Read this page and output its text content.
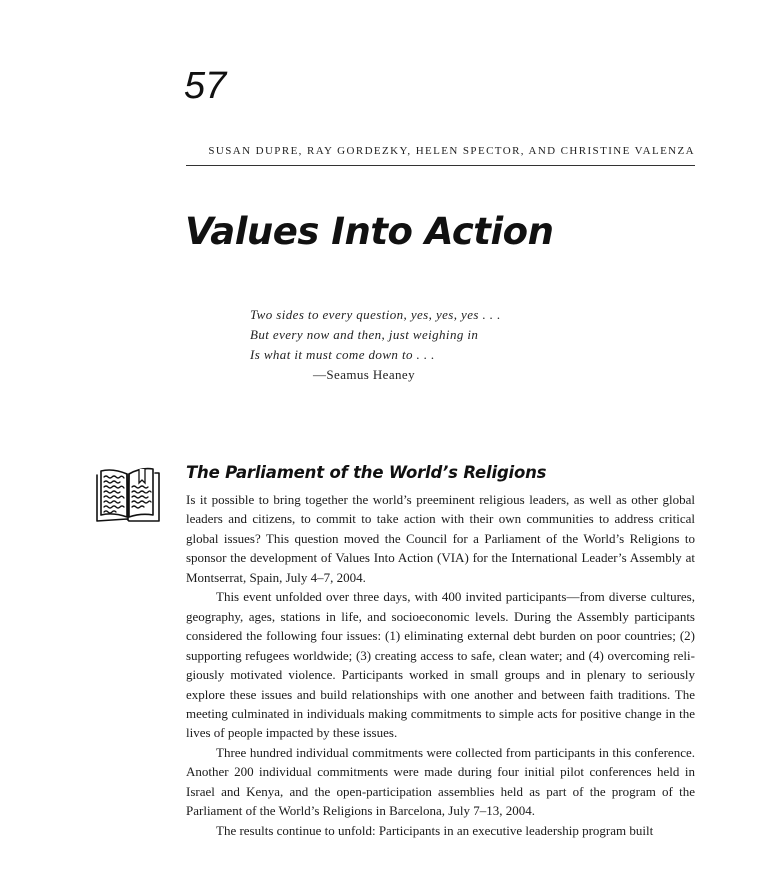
57
SUSAN DUPRE, RAY GORDEZKY, HELEN SPECTOR, AND CHRISTINE VALENZA
Values Into Action
Two sides to every question, yes, yes, yes . . .
But every now and then, just weighing in
Is what it must come down to . . .
—Seamus Heaney
The Parliament of the World’s Religions

Is it possible to bring together the world’s preeminent religious leaders, as well as other global leaders and citizens, to commit to take action with their own communities to address critical global issues? This question moved the Council for a Parliament of the World’s Religions to sponsor the development of Values Into Action (VIA) for the International Leader’s Assembly at Montserrat, Spain, July 4–7, 2004.

This event unfolded over three days, with 400 invited participants—from diverse cultures, geography, ages, stations in life, and socioeconomic levels. During the Assembly participants considered the following four issues: (1) eliminating external debt burden on poor countries; (2) supporting refugees worldwide; (3) creating access to safe, clean water; and (4) overcoming religiously motivated violence. Participants worked in small groups and in plenary to seriously explore these issues and build relationships with one another and between faith traditions. The meeting culminated in individuals making commitments to simple acts for positive change in the lives of people impacted by these issues.

Three hundred individual commitments were collected from participants in this conference. Another 200 individual commitments were made during four initial pilot conferences held in Israel and Kenya, and the open-participation assemblies held as part of the program of the Parliament of the World’s Religions in Barcelona, July 7–13, 2004.

The results continue to unfold: Participants in an executive leadership program built
